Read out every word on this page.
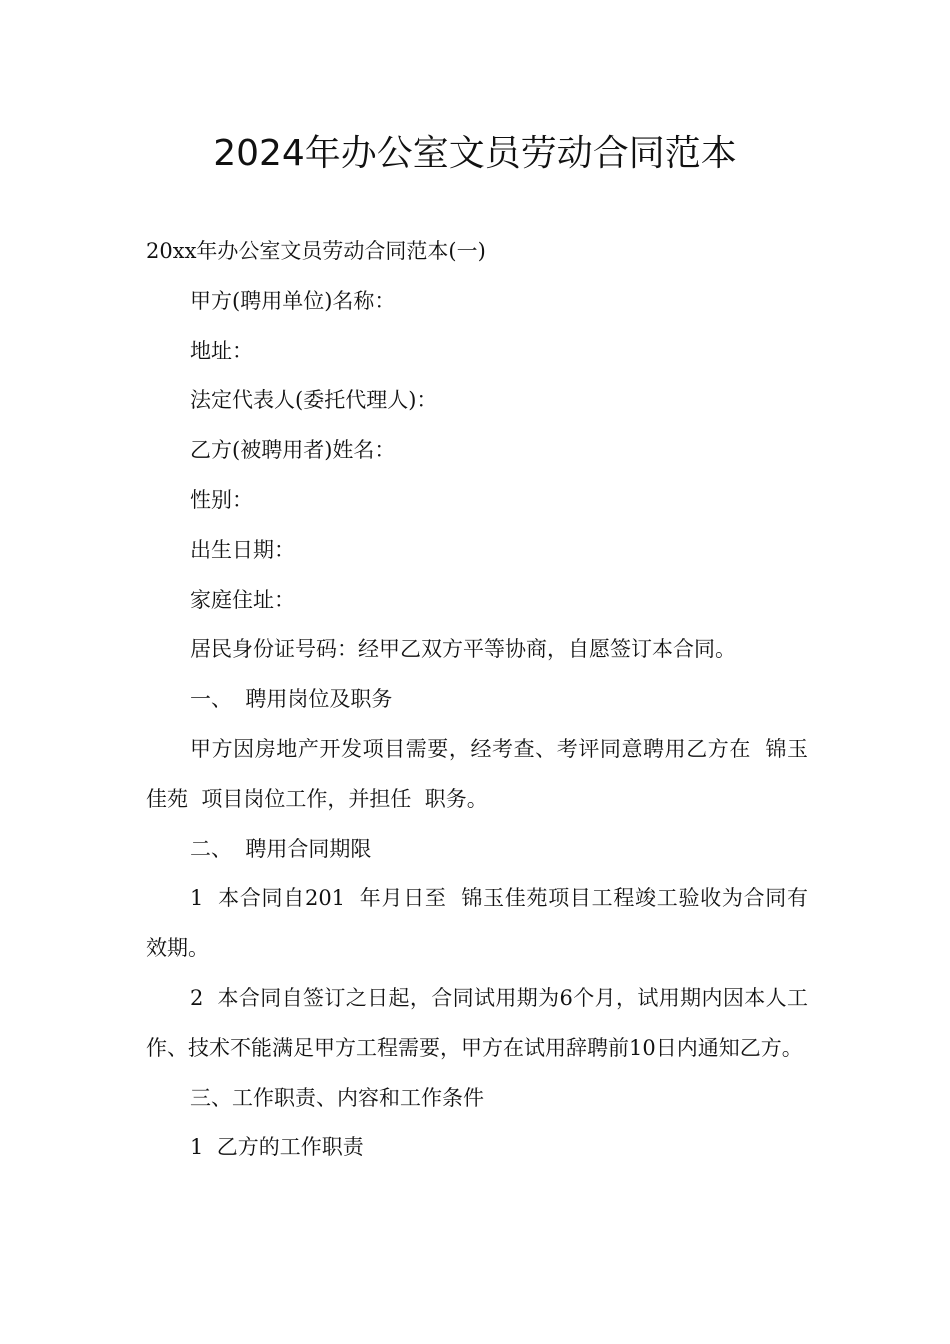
2024年办公室文员劳动合同范本

20xx年办公室文员劳动合同范本(一)

甲方(聘用单位)名称：

地址：

法定代表人(委托代理人)：

乙方(被聘用者)姓名：

性别：

出生日期：

家庭住址：

居民身份证号码：经甲乙双方平等协商，自愿签订本合同。

一、  聘用岗位及职务

甲方因房地产开发项目需要，经考查、考评同意聘用乙方在  锦玉佳苑  项目岗位工作，并担任  职务。

二、  聘用合同期限

1  本合同自201  年月日至  锦玉佳苑项目工程竣工验收为合同有效期。

2  本合同自签订之日起，合同试用期为6个月，试用期内因本人工作、技术不能满足甲方工程需要，甲方在试用辞聘前10日内通知乙方。

三、工作职责、内容和工作条件

1  乙方的工作职责
